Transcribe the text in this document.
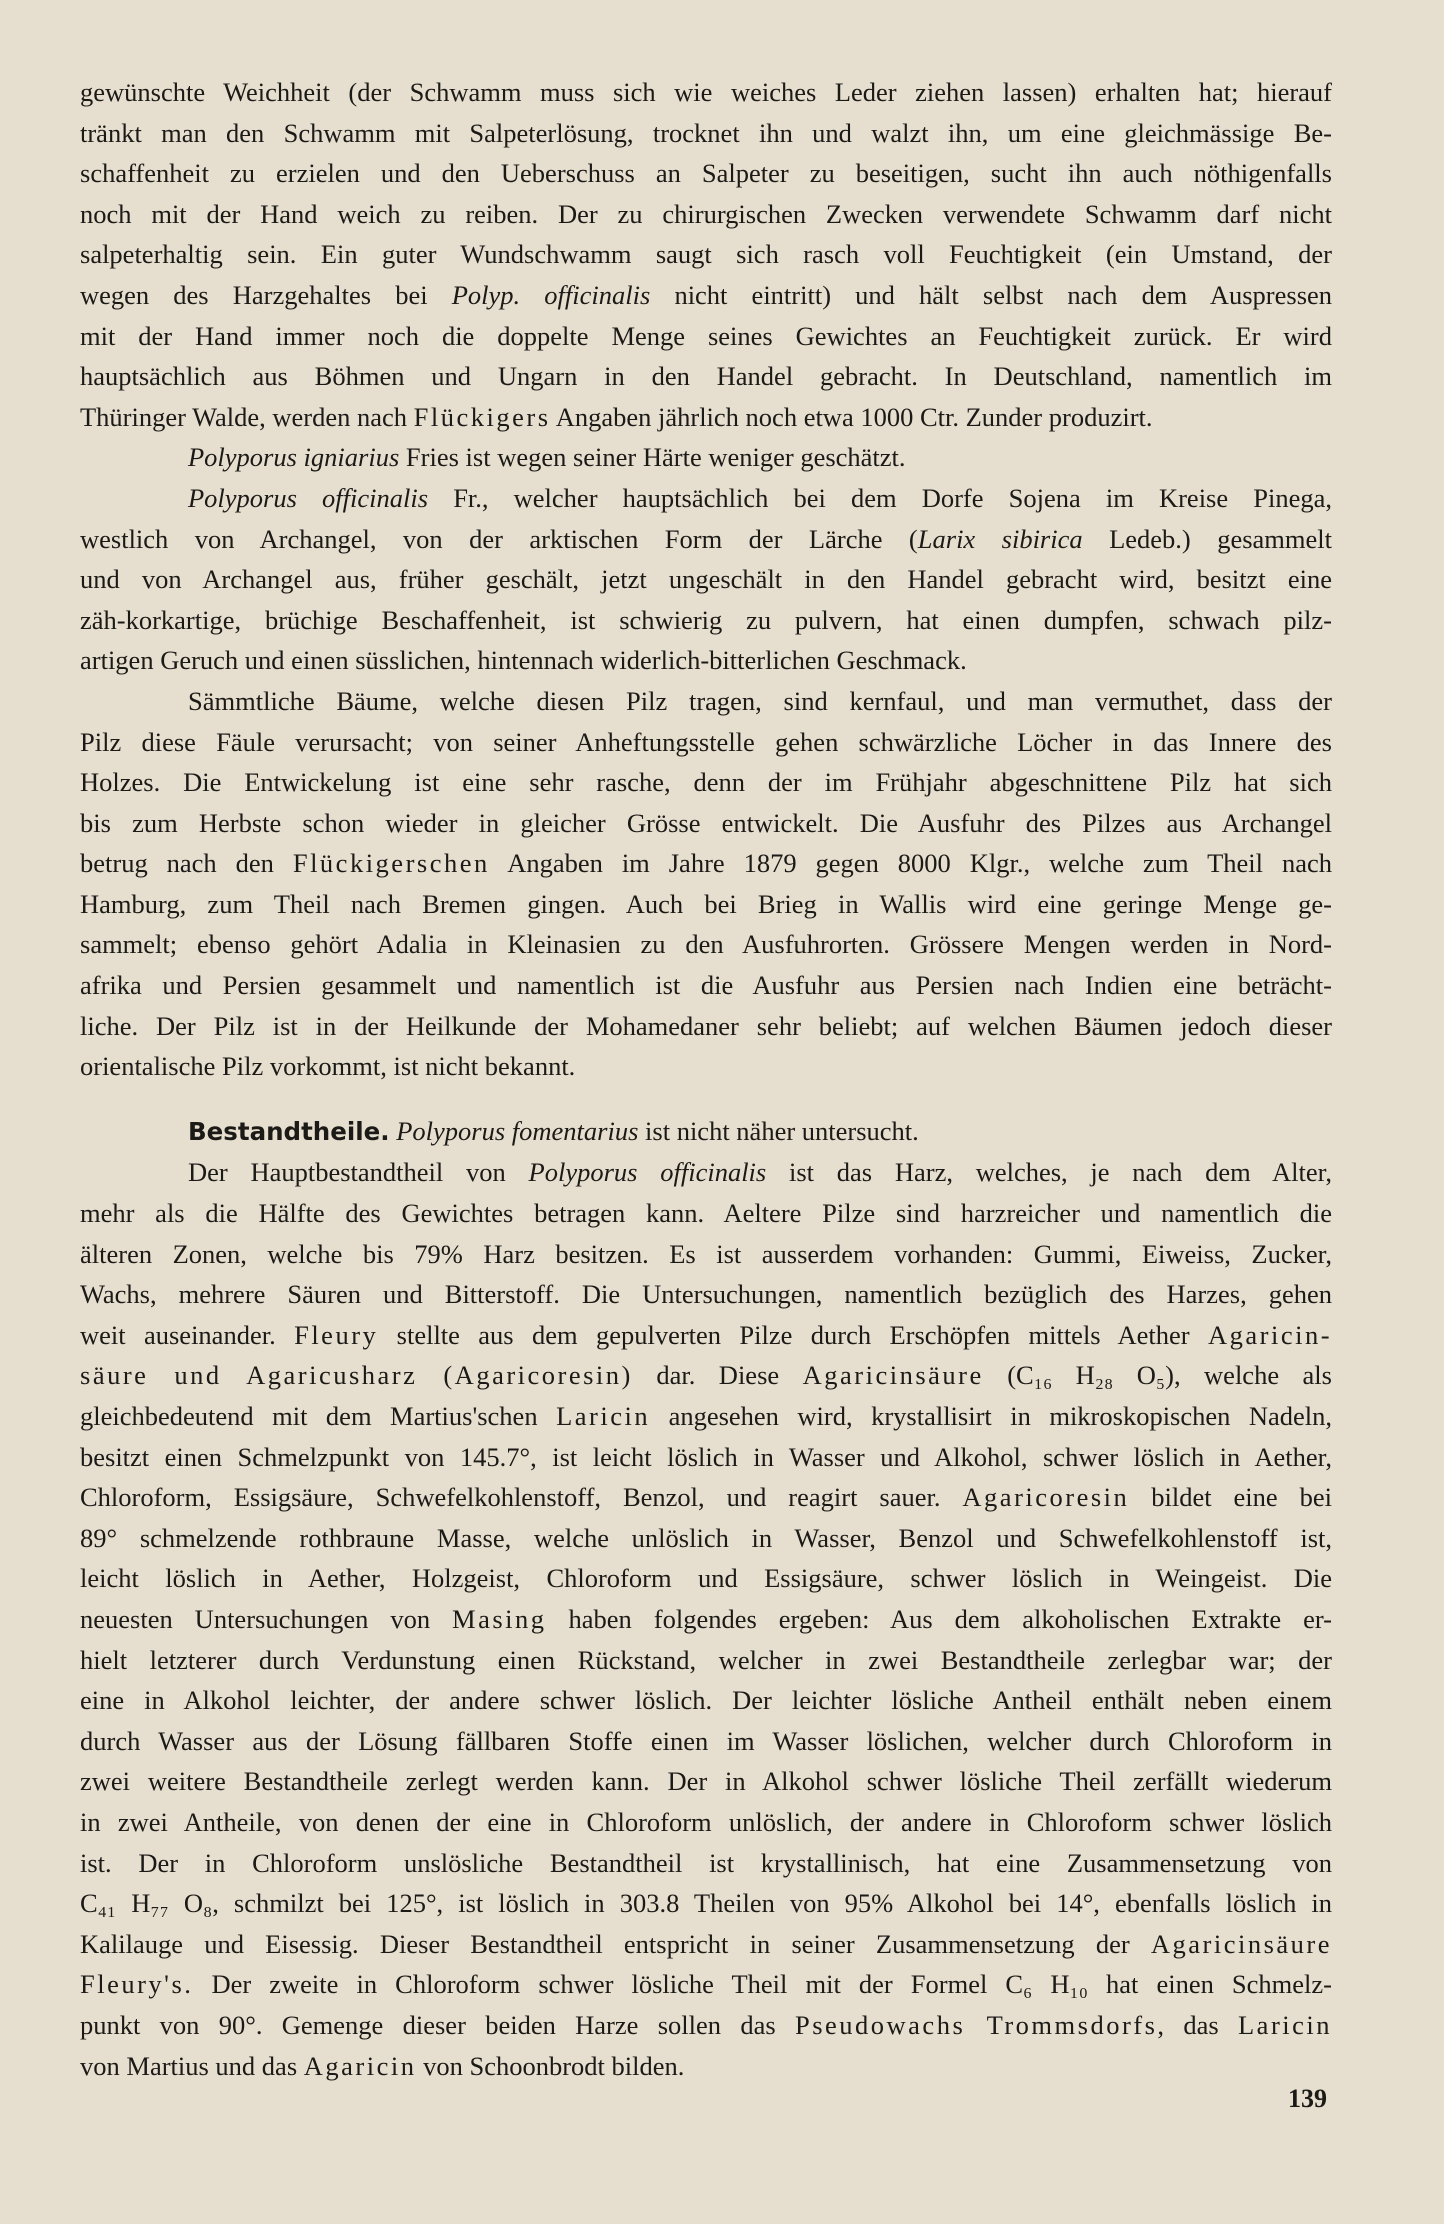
gewünschte Weichheit (der Schwamm muss sich wie weiches Leder ziehen lassen) erhalten hat; hierauf
tränkt man den Schwamm mit Salpeterlösung, trocknet ihn und walzt ihn, um eine gleichmässige Be-
schaffenheit zu erzielen und den Ueberschuss an Salpeter zu beseitigen, sucht ihn auch nöthigenfalls
noch mit der Hand weich zu reiben. Der zu chirurgischen Zwecken verwendete Schwamm darf nicht
salpeterhaltig sein. Ein guter Wundschwamm saugt sich rasch voll Feuchtigkeit (ein Umstand, der
wegen des Harzgehaltes bei Polyp. officinalis nicht eintritt) und hält selbst nach dem Auspressen
mit der Hand immer noch die doppelte Menge seines Gewichtes an Feuchtigkeit zurück. Er wird
hauptsächlich aus Böhmen und Ungarn in den Handel gebracht. In Deutschland, namentlich im
Thüringer Walde, werden nach Flückigers Angaben jährlich noch etwa 1000 Ctr. Zunder produzirt.

Polyporus igniarius Fries ist wegen seiner Härte weniger geschätzt.

Polyporus officinalis Fr., welcher hauptsächlich bei dem Dorfe Sojena im Kreise Pinega,
westlich von Archangel, von der arktischen Form der Lärche (Larix sibirica Ledeb.) gesammelt
und von Archangel aus, früher geschält, jetzt ungeschält in den Handel gebracht wird, besitzt eine
zäh-korkartige, brüchige Beschaffenheit, ist schwierig zu pulvern, hat einen dumpfen, schwach pilz-
artigen Geruch und einen süsslichen, hintennach widerlich-bitterlichen Geschmack.

Sämmtliche Bäume, welche diesen Pilz tragen, sind kernfaul, und man vermuthet, dass der
Pilz diese Fäule verursacht; von seiner Anheftungsstelle gehen schwärzliche Löcher in das Innere des
Holzes. Die Entwickelung ist eine sehr rasche, denn der im Frühjahr abgeschnittene Pilz hat sich
bis zum Herbste schon wieder in gleicher Grösse entwickelt. Die Ausfuhr des Pilzes aus Archangel
betrug nach den Flückigerschen Angaben im Jahre 1879 gegen 8000 Klgr., welche zum Theil nach
Hamburg, zum Theil nach Bremen gingen. Auch bei Brieg in Wallis wird eine geringe Menge ge-
sammelt; ebenso gehört Adalia in Kleinasien zu den Ausfuhrorten. Grössere Mengen werden in Nord-
afrika und Persien gesammelt und namentlich ist die Ausfuhr aus Persien nach Indien eine beträcht-
liche. Der Pilz ist in der Heilkunde der Mohamedaner sehr beliebt; auf welchen Bäumen jedoch dieser
orientalische Pilz vorkommt, ist nicht bekannt.

Bestandtheile. Polyporus fomentarius ist nicht näher untersucht.
Der Hauptbestandtheil von Polyporus officinalis ist das Harz, welches, je nach dem Alter,
mehr als die Hälfte des Gewichtes betragen kann. Aeltere Pilze sind harzreicher und namentlich die
älteren Zonen, welche bis 79% Harz besitzen. Es ist ausserdem vorhanden: Gummi, Eiweiss, Zucker,
Wachs, mehrere Säuren und Bitterstoff. Die Untersuchungen, namentlich bezüglich des Harzes, gehen
weit auseinander. Fleury stellte aus dem gepulverten Pilze durch Erschöpfen mittels Aether Agaricin-
säure und Agaricusharz (Agaricoresin) dar. Diese Agaricinsäure (C₁₆ H₂₈ O₅), welche als
gleichbedeutend mit dem Martius'schen Laricin angesehen wird, krystallisirt in mikroskopischen Nadeln,
besitzt einen Schmelzpunkt von 145.7°, ist leicht löslich in Wasser und Alkohol, schwer löslich in Aether,
Chloroform, Essigsäure, Schwefelkohlenstoff, Benzol, und reagirt sauer. Agaricoresin bildet eine bei
89° schmelzende rothbraune Masse, welche unlöslich in Wasser, Benzol und Schwefelkohlenstoff ist,
leicht löslich in Aether, Holzgeist, Chloroform und Essigsäure, schwer löslich in Weingeist. Die
neuesten Untersuchungen von Masing haben folgendes ergeben: Aus dem alkoholischen Extrakte er-
hielt letzterer durch Verdunstung einen Rückstand, welcher in zwei Bestandtheile zerlegbar war; der
eine in Alkohol leichter, der andere schwer löslich. Der leichter lösliche Antheil enthält neben einem
durch Wasser aus der Lösung fällbaren Stoffe einen im Wasser löslichen, welcher durch Chloroform in
zwei weitere Bestandtheile zerlegt werden kann. Der in Alkohol schwer lösliche Theil zerfällt wiederum
in zwei Antheile, von denen der eine in Chloroform unlöslich, der andere in Chloroform schwer löslich
ist. Der in Chloroform unslösliche Bestandtheil ist krystallinisch, hat eine Zusammensetzung von
C₄₁ H₇₇ O₈, schmilzt bei 125°, ist löslich in 303.8 Theilen von 95% Alkohol bei 14°, ebenfalls löslich in
Kalilauge und Eisessig. Dieser Bestandtheil entspricht in seiner Zusammensetzung der Agaricinsäure
Fleury's. Der zweite in Chloroform schwer lösliche Theil mit der Formel C₆ H₁₀ hat einen Schmelz-
punkt von 90°. Gemenge dieser beiden Harze sollen das Pseudowachs Trommsdorfs, das Laricin
von Martius und das Agaricin von Schoonbrodt bilden.

139
